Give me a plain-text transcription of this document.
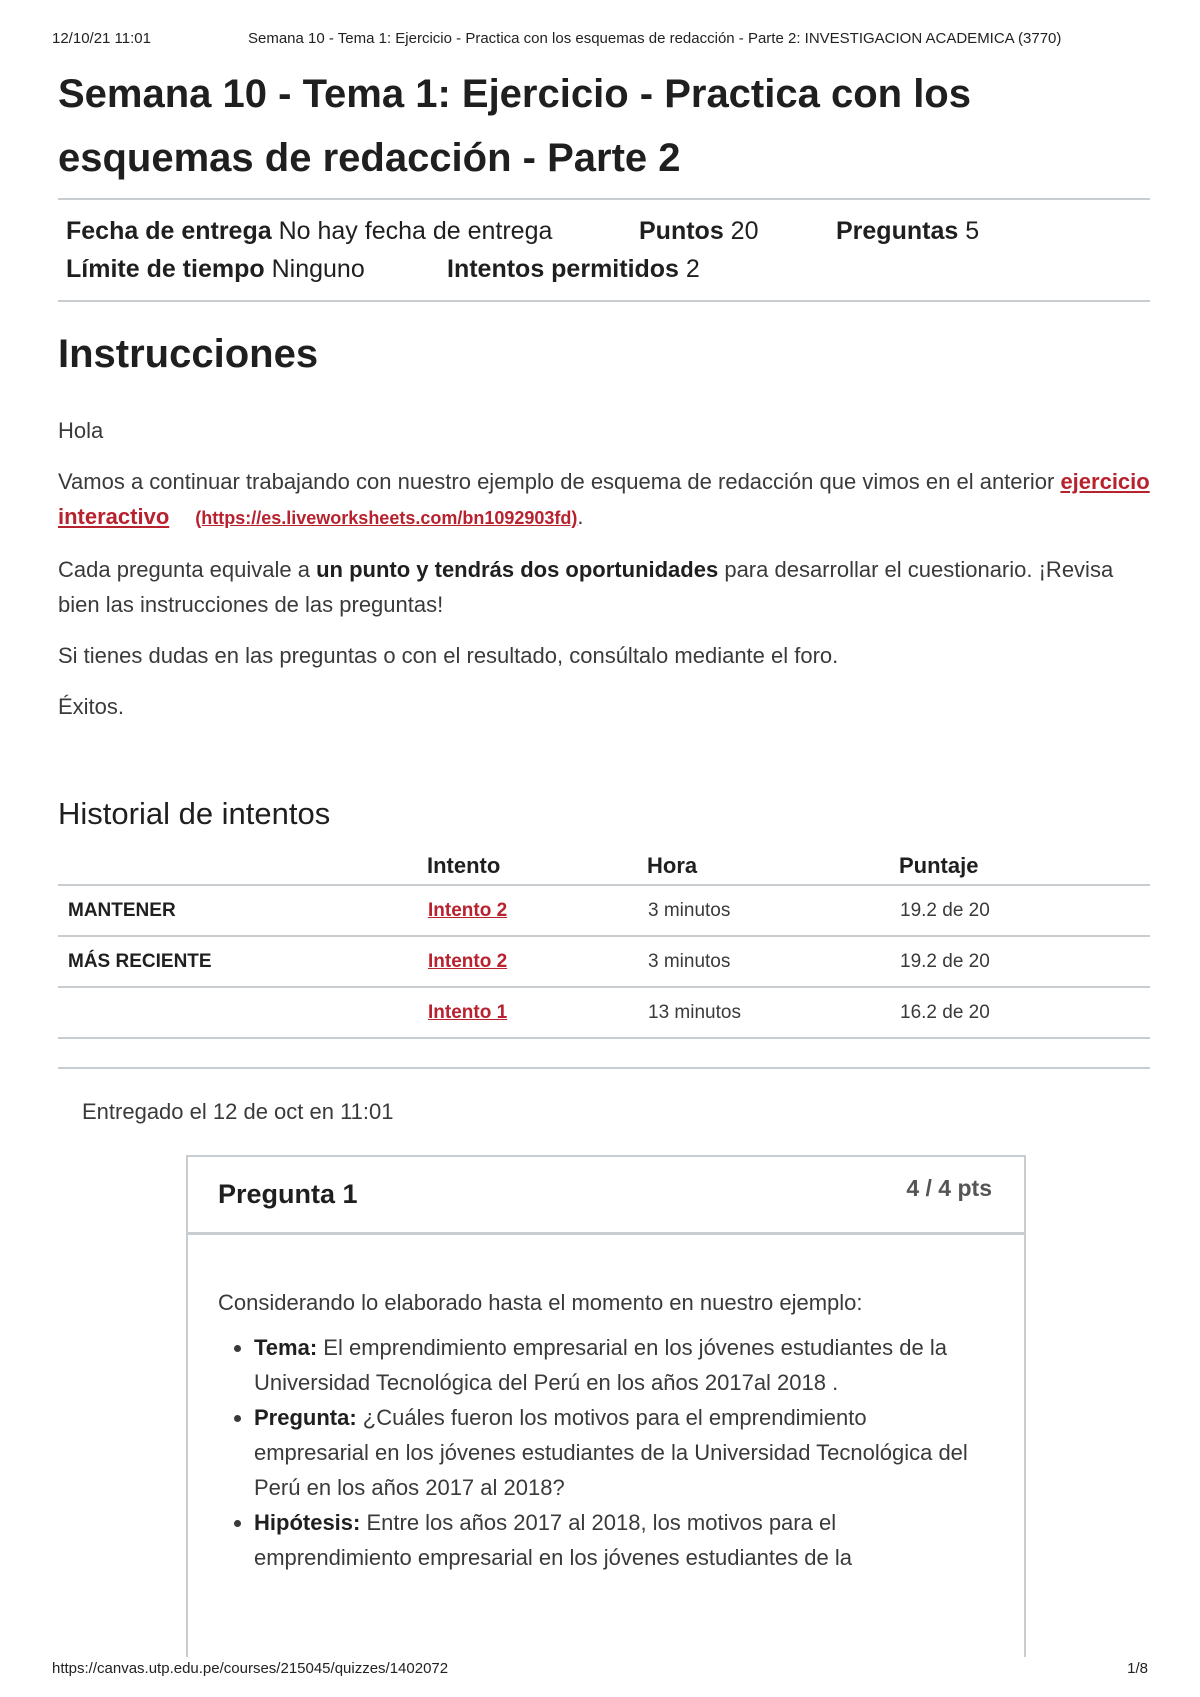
12/10/21 11:01	Semana 10 - Tema 1: Ejercicio - Practica con los esquemas de redacción - Parte 2: INVESTIGACION ACADEMICA (3770)
Semana 10 - Tema 1: Ejercicio - Practica con los esquemas de redacción - Parte 2
Fecha de entrega No hay fecha de entrega	Puntos 20	Preguntas 5
Límite de tiempo Ninguno	Intentos permitidos 2
Instrucciones

Hola

Vamos a continuar trabajando con nuestro ejemplo de esquema de redacción que vimos en el anterior ejercicio interactivo (https://es.liveworksheets.com/bn1092903fd).

Cada pregunta equivale a un punto y tendrás dos oportunidades para desarrollar el cuestionario. ¡Revisa bien las instrucciones de las preguntas!

Si tienes dudas en las preguntas o con el resultado, consúltalo mediante el foro.

Éxitos.

Historial de intentos
	Intento	Hora	Puntaje
MANTENER	Intento 2	3 minutos	19.2 de 20
MÁS RECIENTE	Intento 2	3 minutos	19.2 de 20
	Intento 1	13 minutos	16.2 de 20
Entregado el 12 de oct en 11:01
Pregunta 1	4 / 4 pts

Considerando lo elaborado hasta el momento en nuestro ejemplo:

• Tema: El emprendimiento empresarial en los jóvenes estudiantes de la Universidad Tecnológica del Perú en los años 2017al 2018 .
• Pregunta: ¿Cuáles fueron los motivos para el emprendimiento empresarial en los jóvenes estudiantes de la Universidad Tecnológica del Perú en los años 2017 al 2018?
• Hipótesis: Entre los años 2017 al 2018, los motivos para el emprendimiento empresarial en los jóvenes estudiantes de la
https://canvas.utp.edu.pe/courses/215045/quizzes/1402072	1/8
